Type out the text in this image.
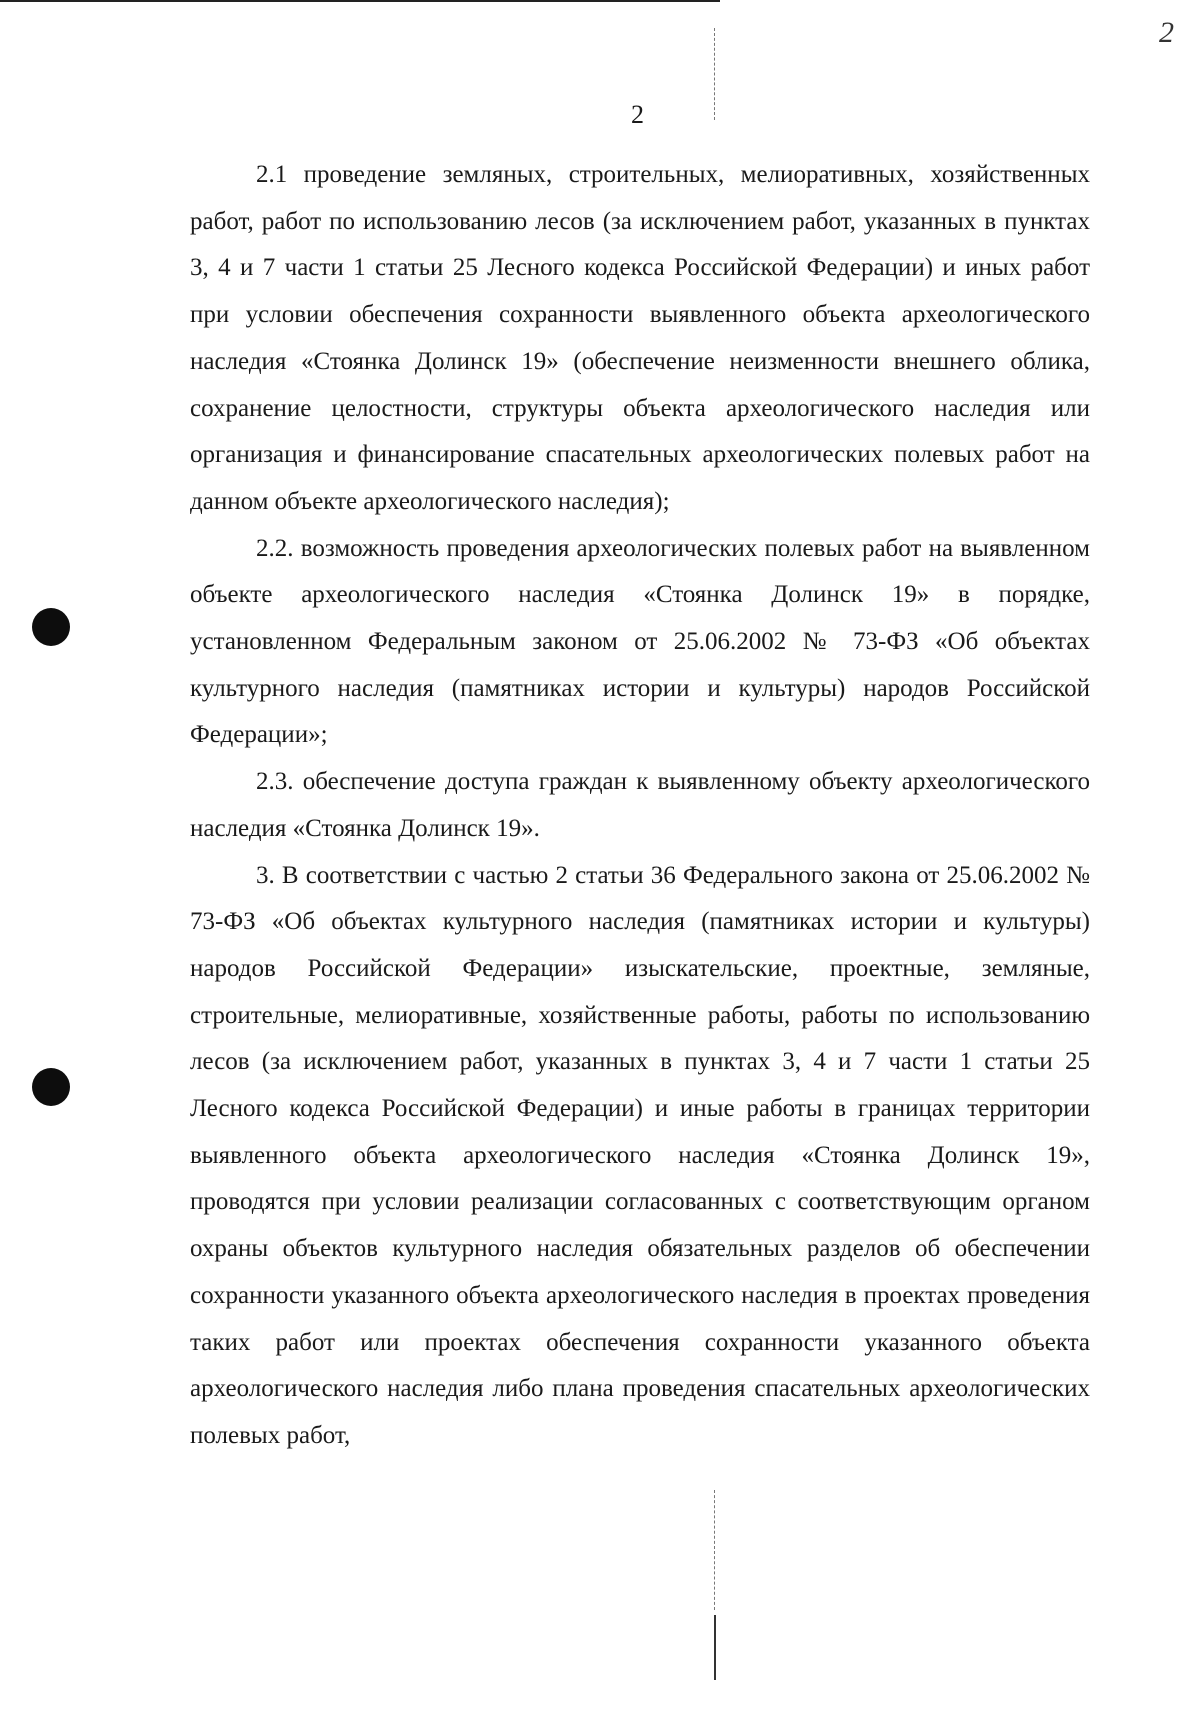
2
2

2.1 проведение земляных, строительных, мелиоративных, хозяйственных работ, работ по использованию лесов (за исключением работ, указанных в пунктах 3, 4 и 7 части 1 статьи 25 Лесного кодекса Российской Федерации) и иных работ при условии обеспечения сохранности выявленного объекта археологического наследия «Стоянка Долинск 19» (обеспечение неизменности внешнего облика, сохранение целостности, структуры объекта археологического наследия или организация и финансирование спасательных археологических полевых работ на данном объекте археологического наследия);

2.2. возможность проведения археологических полевых работ на выявленном объекте археологического наследия «Стоянка Долинск 19» в порядке, установленном Федеральным законом от 25.06.2002 № 73-ФЗ «Об объектах культурного наследия (памятниках истории и культуры) народов Российской Федерации»;

2.3. обеспечение доступа граждан к выявленному объекту археологического наследия «Стоянка Долинск 19».

3. В соответствии с частью 2 статьи 36 Федерального закона от 25.06.2002 № 73-ФЗ «Об объектах культурного наследия (памятниках истории и культуры) народов Российской Федерации» изыскательские, проектные, земляные, строительные, мелиоративные, хозяйственные работы, работы по использованию лесов (за исключением работ, указанных в пунктах 3, 4 и 7 части 1 статьи 25 Лесного кодекса Российской Федерации) и иные работы в границах территории выявленного объекта археологического наследия «Стоянка Долинск 19», проводятся при условии реализации согласованных с соответствующим органом охраны объектов культурного наследия обязательных разделов об обеспечении сохранности указанного объекта археологического наследия в проектах проведения таких работ или проектах обеспечения сохранности указанного объекта археологического наследия либо плана проведения спасательных археологических полевых работ,
